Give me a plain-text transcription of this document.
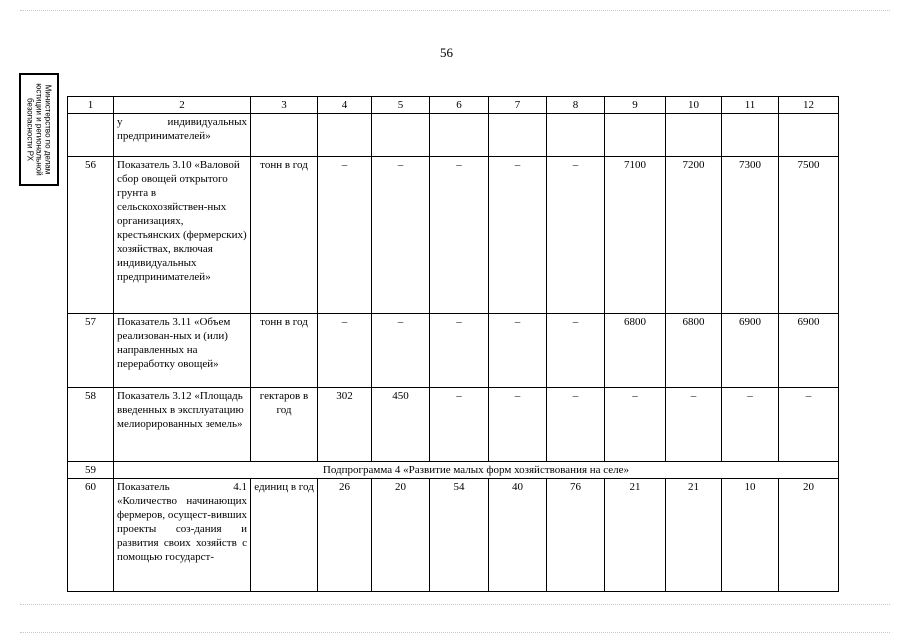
56
Министерство по делам
юстиции и региональной
безопасности РХ	1	2	3	4	5	6	7	8	9	10	11	12
	у индивидуальных предпринимателей»										
56	Показатель 3.10 «Валовой сбор овощей открытого грунта в сельскохозяйствен-ных организациях, крестьянских (фермерских) хозяйствах, включая индивидуальных предпринимателей»	тонн в год	–	–	–	–	–	7100	7200	7300	7500
57	Показатель 3.11 «Объем реализован-ных и (или) направленных на переработку овощей»	тонн в год	–	–	–	–	–	6800	6800	6900	6900
58	Показатель 3.12 «Площадь введенных в эксплуатацию мелиорированных земель»	гектаров в год	302	450	–	–	–	–	–	–	–
59	Подпрограмма 4 «Развитие малых форм хозяйствования на селе»										
60	Показатель 4.1 «Количество начинающих фермеров, осущест-вивших проекты соз-дания и развития своих хозяйств с помощью государст-	единиц в год	26	20	54	40	76	21	21	10	20
